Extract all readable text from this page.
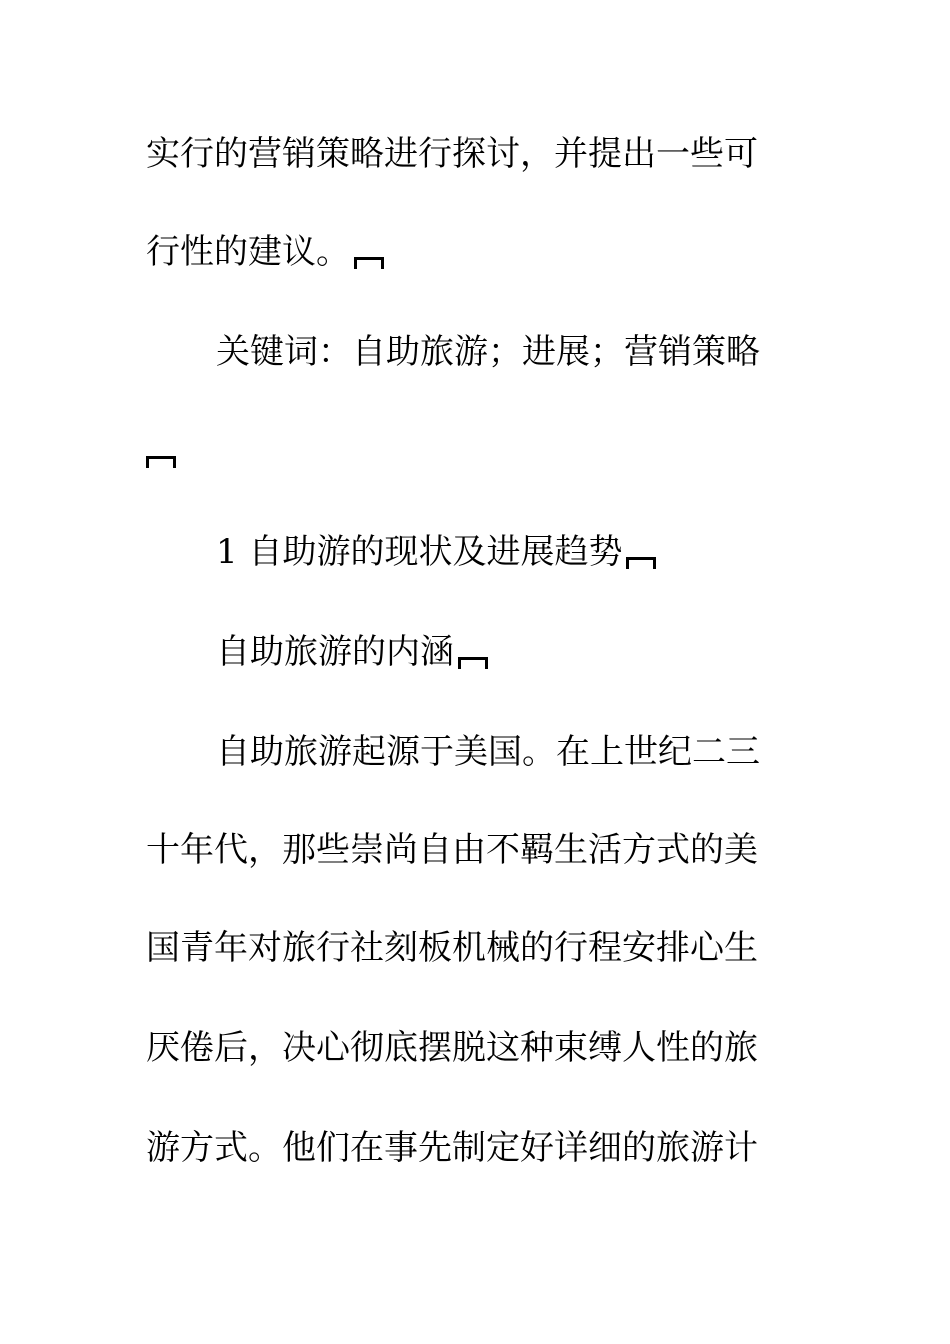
实行的营销策略进行探讨，并提出一些可
行性的建议。
关键词：自助旅游；进展；营销策略
1 自助游的现状及进展趋势
自助旅游的内涵
自助旅游起源于美国。在上世纪二三
十年代，那些崇尚自由不羁生活方式的美
国青年对旅行社刻板机械的行程安排心生
厌倦后，决心彻底摆脱这种束缚人性的旅
游方式。他们在事先制定好详细的旅游计
